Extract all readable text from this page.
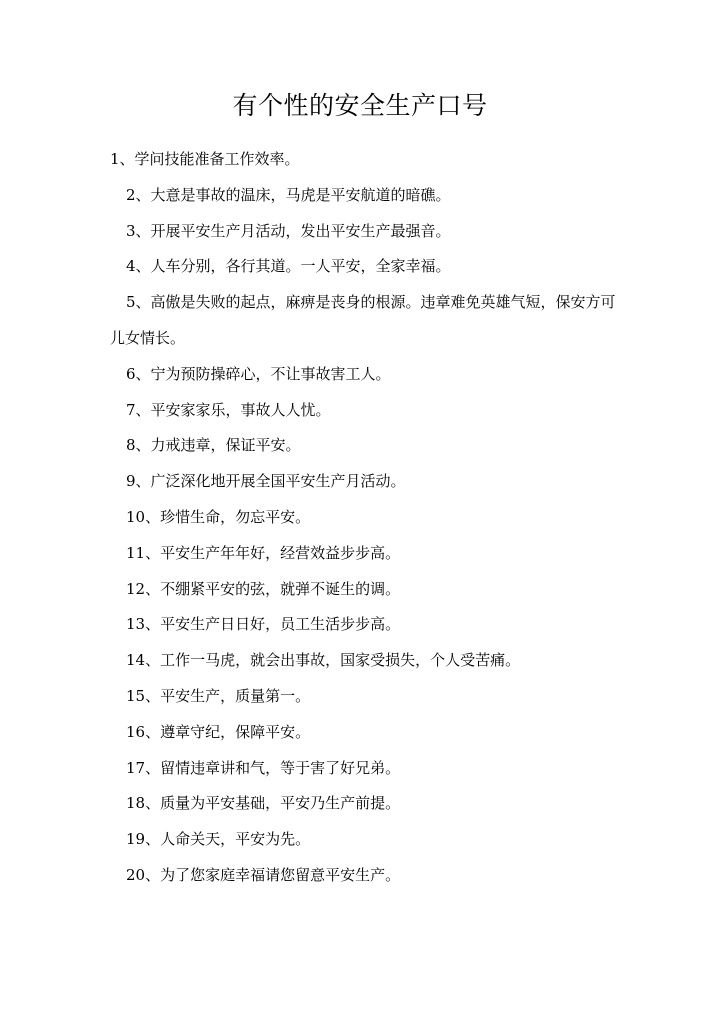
有个性的安全生产口号
1、学问技能准备工作效率。
2、大意是事故的温床，马虎是平安航道的暗礁。
3、开展平安生产月活动，发出平安生产最强音。
4、人车分别，各行其道。一人平安，全家幸福。
5、高傲是失败的起点，麻痹是丧身的根源。违章难免英雄气短，保安方可儿女情长。
6、宁为预防操碎心，不让事故害工人。
7、平安家家乐，事故人人忧。
8、力戒违章，保证平安。
9、广泛深化地开展全国平安生产月活动。
10、珍惜生命，勿忘平安。
11、平安生产年年好，经营效益步步高。
12、不绷紧平安的弦，就弹不诞生的调。
13、平安生产日日好，员工生活步步高。
14、工作一马虎，就会出事故，国家受损失，个人受苦痛。
15、平安生产，质量第一。
16、遵章守纪，保障平安。
17、留情违章讲和气，等于害了好兄弟。
18、质量为平安基础，平安乃生产前提。
19、人命关天，平安为先。
20、为了您家庭幸福请您留意平安生产。
